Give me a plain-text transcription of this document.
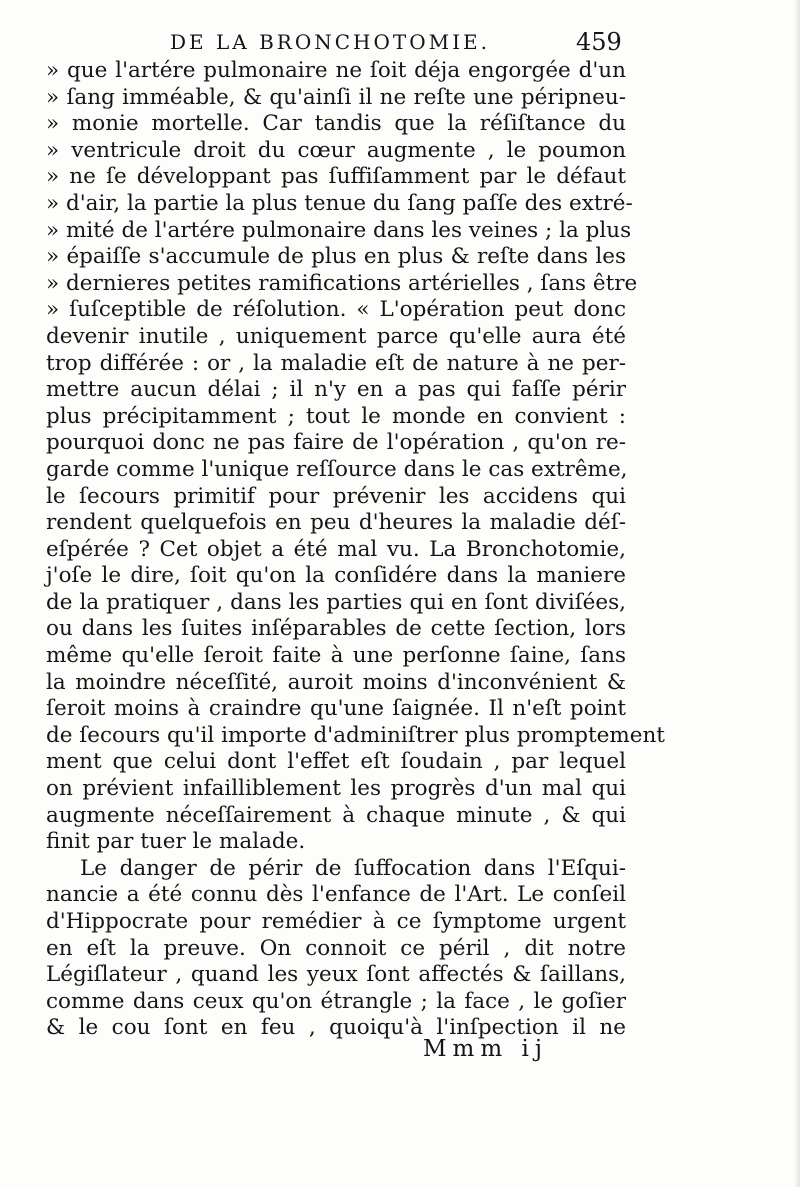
DE LA BRONCHOTOMIE.	459
» que l'artére pulmonaire ne ſoit déja engorgée d'un
» ſang imméable, & qu'ainſi il ne reſte une péripneu-
» monie mortelle. Car tandis que la réſiſtance du
» ventricule droit du cœur augmente , le poumon
» ne ſe développant pas ſuffiſamment par le défaut
» d'air, la partie la plus tenue du ſang paſſe des extré-
» mité de l'artére pulmonaire dans les veines ; la plus
» épaiſſe s'accumule de plus en plus & reſte dans les
» dernieres petites ramifications artérielles , ſans être
» ſuſceptible de réſolution. « L'opération peut donc
devenir inutile , uniquement parce qu'elle aura été
trop différée : or , la maladie eſt de nature à ne per-
mettre aucun délai ; il n'y en a pas qui faſſe périr
plus précipitamment ; tout le monde en convient :
pourquoi donc ne pas faire de l'opération , qu'on re-
garde comme l'unique reſſource dans le cas extrême,
le ſecours primitif pour prévenir les accidens qui
rendent quelquefois en peu d'heures la maladie déſ-
eſpérée ? Cet objet a été mal vu. La Bronchotomie,
j'oſe le dire, ſoit qu'on la conſidére dans la maniere
de la pratiquer , dans les parties qui en ſont diviſées,
ou dans les ſuites inſéparables de cette ſection, lors
même qu'elle ſeroit faite à une perſonne ſaine, ſans
la moindre néceſſité, auroit moins d'inconvénient &
ſeroit moins à craindre qu'une ſaignée. Il n'eſt point
de ſecours qu'il importe d'adminiſtrer plus promptement
ment que celui dont l'effet eſt ſoudain , par lequel
on prévient infailliblement les progrès d'un mal qui
augmente néceſſairement à chaque minute , & qui
finit par tuer le malade.
Le danger de périr de ſuffocation dans l'Eſqui-
nancie a été connu dès l'enfance de l'Art. Le conſeil
d'Hippocrate pour remédier à ce ſymptome urgent
en eſt la preuve. On connoit ce péril , dit notre
Légiſlateur , quand les yeux ſont affectés & ſaillans,
comme dans ceux qu'on étrangle ; la face , le goſier
& le cou ſont en feu , quoiqu'à l'inſpection il ne
Mmm ij
